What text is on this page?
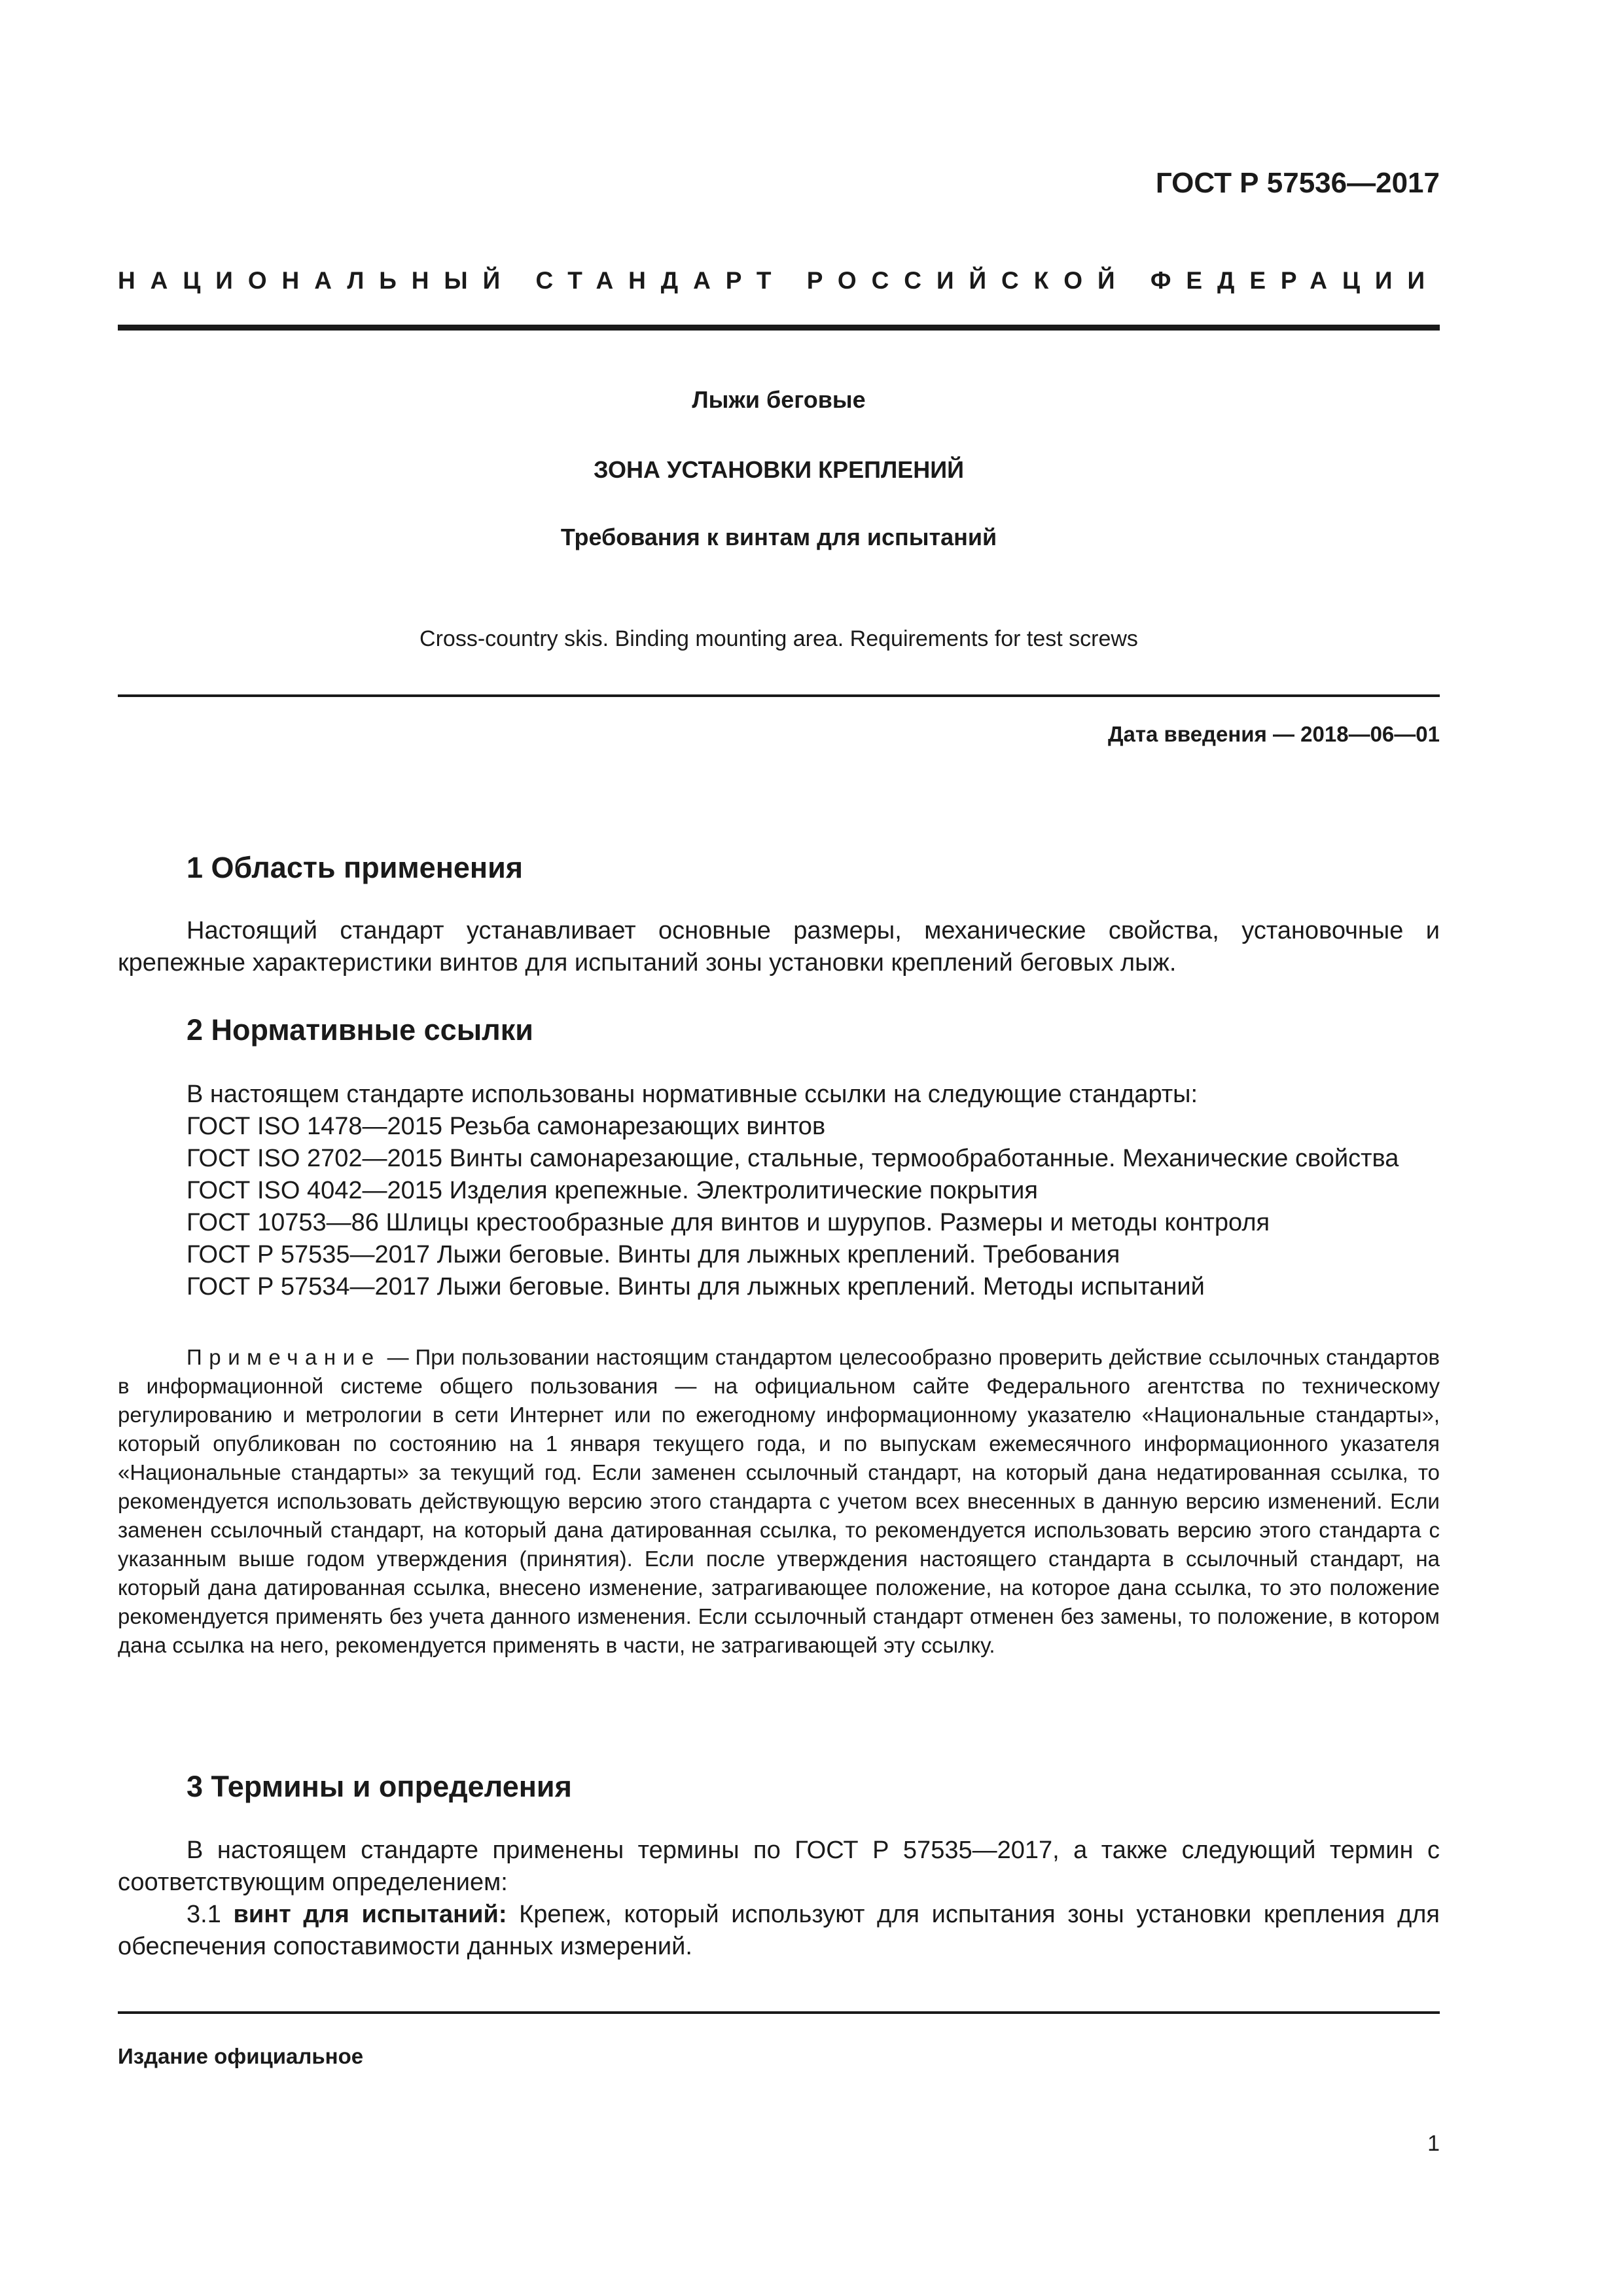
ГОСТ Р 57536—2017
НАЦИОНАЛЬНЫЙ СТАНДАРТ РОССИЙСКОЙ ФЕДЕРАЦИИ
Лыжи беговые
ЗОНА УСТАНОВКИ КРЕПЛЕНИЙ
Требования к винтам для испытаний
Cross-country skis. Binding mounting area. Requirements for test screws
Дата введения — 2018—06—01
1 Область применения

Настоящий стандарт устанавливает основные размеры, механические свойства, установочные и крепежные характеристики винтов для испытаний зоны установки креплений беговых лыж.

2 Нормативные ссылки

В настоящем стандарте использованы нормативные ссылки на следующие стандарты:

ГОСТ ISO 1478—2015 Резьба самонарезающих винтов

ГОСТ ISO 2702—2015 Винты самонарезающие, стальные, термообработанные. Механические свойства

ГОСТ ISO 4042—2015 Изделия крепежные. Электролитические покрытия

ГОСТ 10753—86 Шлицы крестообразные для винтов и шурупов. Размеры и методы контроля

ГОСТ Р 57535—2017 Лыжи беговые. Винты для лыжных креплений. Требования

ГОСТ Р 57534—2017 Лыжи беговые. Винты для лыжных креплений. Методы испытаний

Примечание — При пользовании настоящим стандартом целесообразно проверить действие ссылочных стандартов в информационной системе общего пользования — на официальном сайте Федерального агентства по техническому регулированию и метрологии в сети Интернет или по ежегодному информационному указателю «Национальные стандарты», который опубликован по состоянию на 1 января текущего года, и по выпускам ежемесячного информационного указателя «Национальные стандарты» за текущий год. Если заменен ссылочный стандарт, на который дана недатированная ссылка, то рекомендуется использовать действующую версию этого стандарта с учетом всех внесенных в данную версию изменений. Если заменен ссылочный стандарт, на который дана датированная ссылка, то рекомендуется использовать версию этого стандарта с указанным выше годом утверждения (принятия). Если после утверждения настоящего стандарта в ссылочный стандарт, на который дана датированная ссылка, внесено изменение, затрагивающее положение, на которое дана ссылка, то это положение рекомендуется применять без учета данного изменения. Если ссылочный стандарт отменен без замены, то положение, в котором дана ссылка на него, рекомендуется применять в части, не затрагивающей эту ссылку.

3 Термины и определения

В настоящем стандарте применены термины по ГОСТ Р 57535—2017, а также следующий термин с соответствующим определением:

3.1 винт для испытаний: Крепеж, который используют для испытания зоны установки крепления для обеспечения сопоставимости данных измерений.

Издание официальное
1
